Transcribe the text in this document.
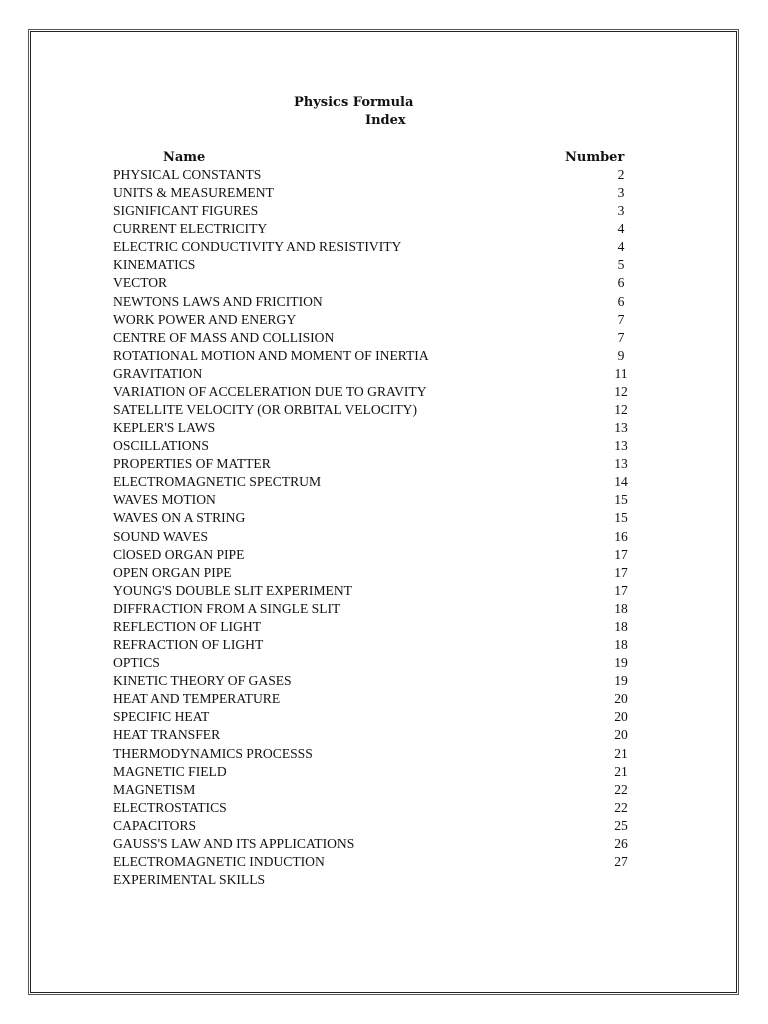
Physics Formula
Index
Name	Number
PHYSICAL CONSTANTS	2
UNITS & MEASUREMENT	3
SIGNIFICANT FIGURES	3
CURRENT ELECTRICITY	4
ELECTRIC CONDUCTIVITY AND RESISTIVITY	4
KINEMATICS	5
VECTOR	6
NEWTONS LAWS AND FRICITION	6
WORK POWER AND ENERGY	7
CENTRE OF MASS AND COLLISION	7
ROTATIONAL MOTION AND MOMENT OF INERTIA	9
GRAVITATION	11
VARIATION OF ACCELERATION DUE TO GRAVITY	12
SATELLITE VELOCITY (OR ORBITAL VELOCITY)	12
KEPLER'S LAWS	13
OSCILLATIONS	13
PROPERTIES OF MATTER	13
ELECTROMAGNETIC SPECTRUM	14
WAVES MOTION	15
WAVES ON A STRING	15
SOUND WAVES	16
ClOSED ORGAN PIPE	17
OPEN ORGAN PIPE	17
YOUNG'S DOUBLE SLIT EXPERIMENT	17
DIFFRACTION FROM A SINGLE SLIT	18
REFLECTION OF LIGHT	18
REFRACTION OF LIGHT	18
OPTICS	19
KINETIC THEORY OF GASES	19
HEAT AND TEMPERATURE	20
SPECIFIC HEAT	20
HEAT TRANSFER	20
THERMODYNAMICS PROCESSS	21
MAGNETIC FIELD	21
MAGNETISM	22
ELECTROSTATICS	22
CAPACITORS	25
GAUSS'S LAW AND ITS APPLICATIONS	26
ELECTROMAGNETIC INDUCTION	27
EXPERIMENTAL SKILLS
